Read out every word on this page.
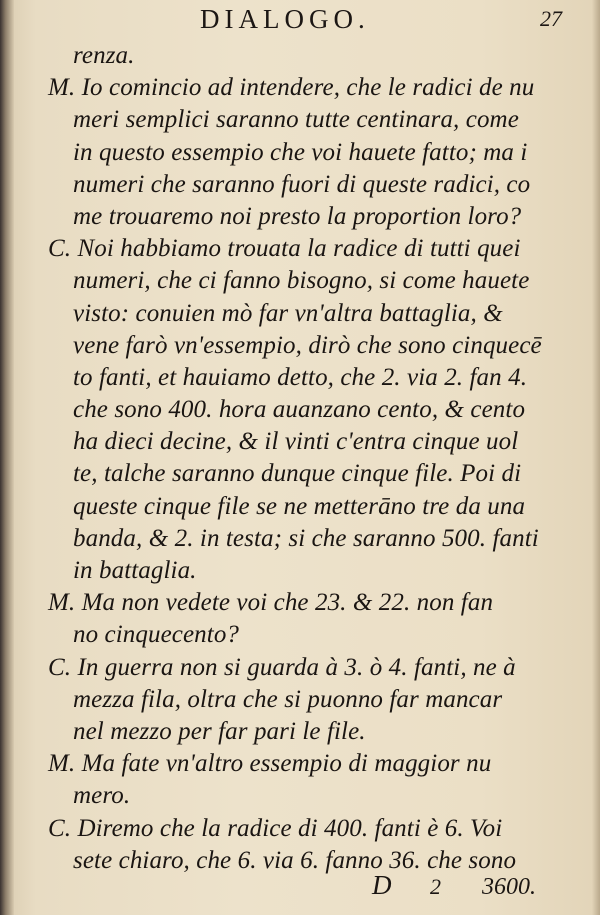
DIALOGO.	27
renza.
M. Io comincio ad intendere, che le radici de nu
meri semplici saranno tutte centinara, come
in questo essempio che voi hauete fatto; ma i
numeri che saranno fuori di queste radici, co
me trouaremo noi presto la proportion loro?
C. Noi habbiamo trouata la radice di tutti quei
numeri, che ci fanno bisogno, si come hauete
visto: conuien mò far vn'altra battaglia, &
vene farò vn'essempio, dirò che sono cinquecē
to fanti, et hauiamo detto, che 2. via 2. fan 4.
che sono 400. hora auanzano cento, & cento
ha dieci decine, & il vinti c'entra cinque uol
te, talche saranno dunque cinque file. Poi di
queste cinque file se ne metterāno tre da una
banda, & 2. in testa; si che saranno 500. fanti
in battaglia.
M. Ma non vedete voi che 23. & 22. non fan
no cinquecento?
C. In guerra non si guarda à 3. ò 4. fanti, ne à
mezza fila, oltra che si puonno far mancar
nel mezzo per far pari le file.
M. Ma fate vn'altro essempio di maggior nu
mero.
C. Diremo che la radice di 400. fanti è 6. Voi
sete chiaro, che 6. via 6. fanno 36. che sono
D 2 3600.
